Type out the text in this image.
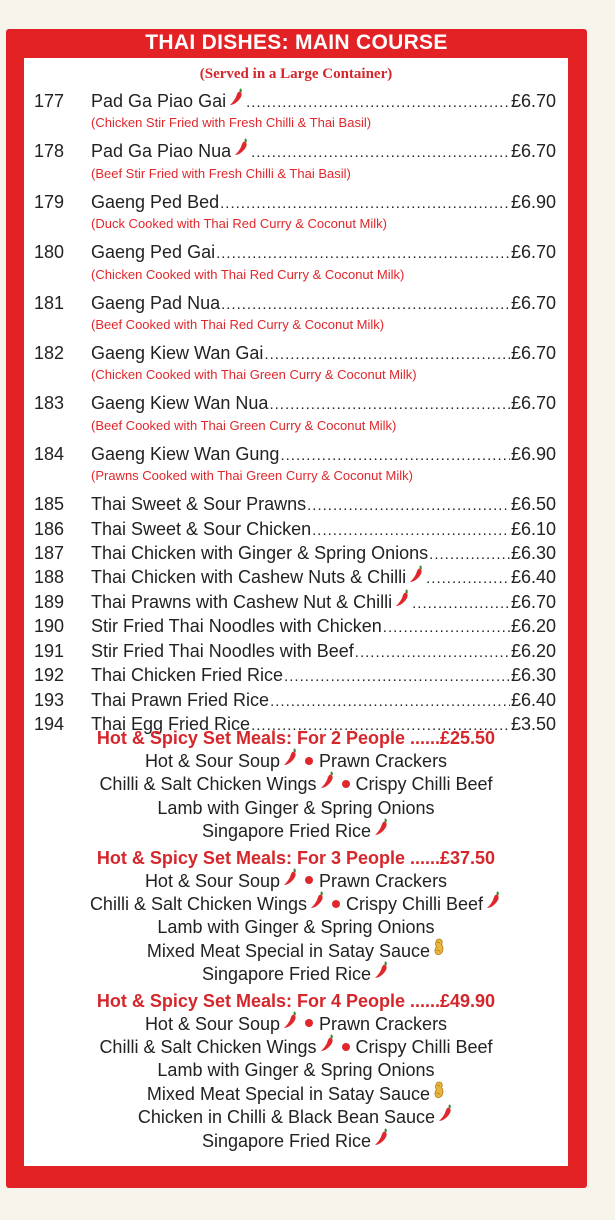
THAI DISHES: MAIN COURSE
(Served in a Large Container)
177	Pad Ga Piao Gai .....	£6.70
(Chicken Stir Fried with Fresh Chilli & Thai Basil)
178	Pad Ga Piao Nua .....	£6.70
(Beef Stir Fried with Fresh Chilli & Thai Basil)
179	Gaeng Ped Bed .....	£6.90
(Duck Cooked with Thai Red Curry & Coconut Milk)
180	Gaeng Ped Gai .....	£6.70
(Chicken Cooked with Thai Red Curry & Coconut Milk)
181	Gaeng Pad Nua .....	£6.70
(Beef Cooked with Thai Red Curry & Coconut Milk)
182	Gaeng Kiew Wan Gai .....	£6.70
(Chicken Cooked with Thai Green Curry & Coconut Milk)
183	Gaeng Kiew Wan Nua .....	£6.70
(Beef Cooked with Thai Green Curry & Coconut Milk)
184	Gaeng Kiew Wan Gung .....	£6.90
(Prawns Cooked with Thai Green Curry & Coconut Milk)
185	Thai Sweet & Sour Prawns .....	£6.50
186	Thai Sweet & Sour Chicken .....	£6.10
187	Thai Chicken with Ginger & Spring Onions .....	£6.30
188	Thai Chicken with Cashew Nuts & Chilli .....	£6.40
189	Thai Prawns with Cashew Nut & Chilli .....	£6.70
190	Stir Fried Thai Noodles with Chicken .....	£6.20
191	Stir Fried Thai Noodles with Beef .....	£6.20
192	Thai Chicken Fried Rice .....	£6.30
193	Thai Prawn Fried Rice .....	£6.40
194	Thai Egg Fried Rice .....	£3.50
Hot & Spicy Set Meals: For 2 People ......£25.50
Hot & Sour Soup Prawn Crackers
Chilli & Salt Chicken Wings Crispy Chilli Beef
Lamb with Ginger & Spring Onions
Singapore Fried Rice
Hot & Spicy Set Meals: For 3 People ......£37.50
Hot & Sour Soup Prawn Crackers
Chilli & Salt Chicken Wings Crispy Chilli Beef
Lamb with Ginger & Spring Onions
Mixed Meat Special in Satay Sauce
Singapore Fried Rice
Hot & Spicy Set Meals: For 4 People ......£49.90
Hot & Sour Soup Prawn Crackers
Chilli & Salt Chicken Wings Crispy Chilli Beef
Lamb with Ginger & Spring Onions
Mixed Meat Special in Satay Sauce
Chicken in Chilli & Black Bean Sauce
Singapore Fried Rice
